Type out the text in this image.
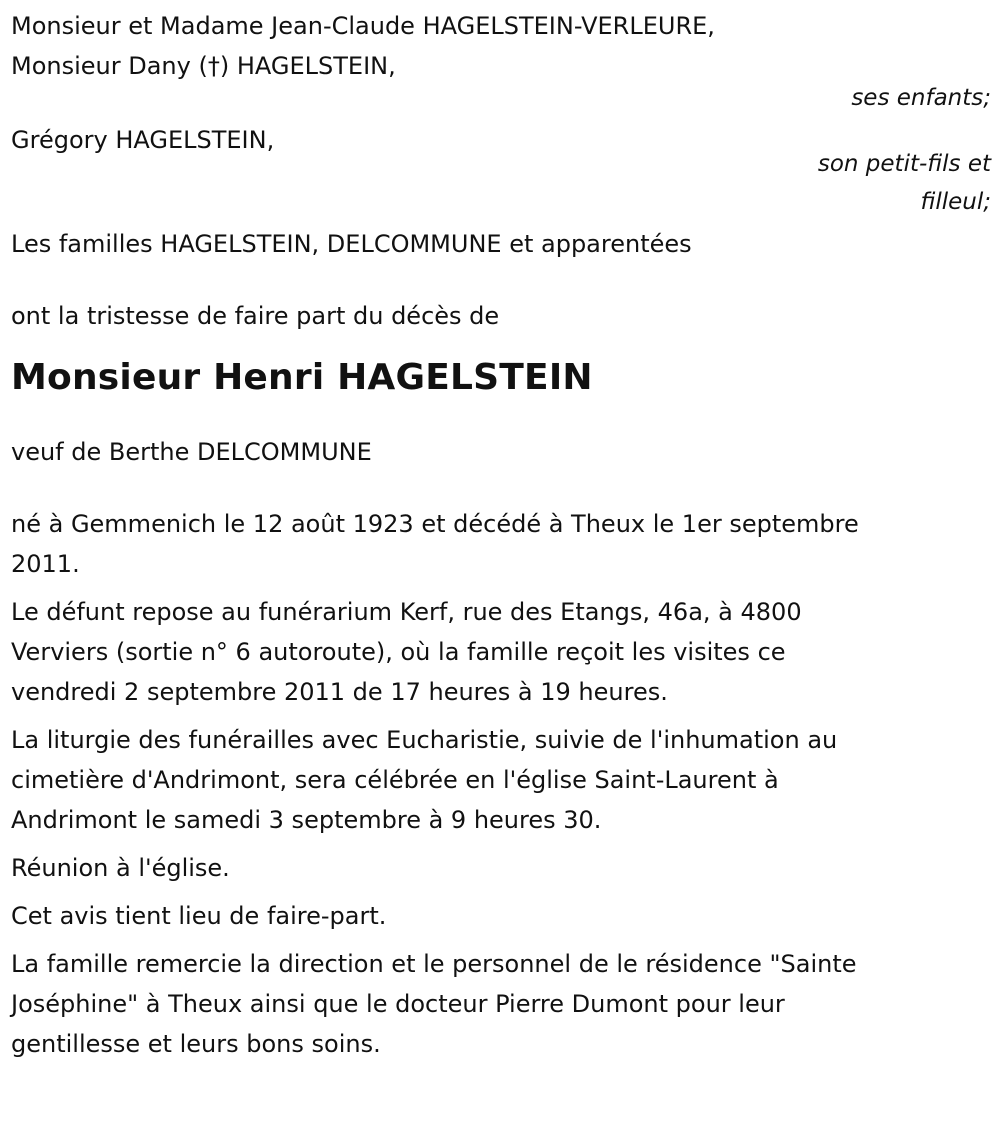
Monsieur et Madame Jean-Claude HAGELSTEIN-VERLEURE,
Monsieur Dany (†) HAGELSTEIN,
ses enfants;
Grégory HAGELSTEIN,
son petit-fils et
filleul;
Les familles HAGELSTEIN, DELCOMMUNE et apparentées
ont la tristesse de faire part du décès de
Monsieur Henri HAGELSTEIN
veuf de Berthe DELCOMMUNE
né à Gemmenich le 12 août 1923 et décédé à Theux le 1er septembre
2011.
Le défunt repose au funérarium Kerf, rue des Etangs, 46a, à 4800
Verviers (sortie n° 6 autoroute), où la famille reçoit les visites ce
vendredi 2 septembre 2011 de 17 heures à 19 heures.
La liturgie des funérailles avec Eucharistie, suivie de l'inhumation au
cimetière d'Andrimont, sera célébrée en l'église Saint-Laurent à
Andrimont le samedi 3 septembre à 9 heures 30.
Réunion à l'église.
Cet avis tient lieu de faire-part.
La famille remercie la direction et le personnel de le résidence "Sainte
Joséphine" à Theux ainsi que le docteur Pierre Dumont pour leur
gentillesse et leurs bons soins.
